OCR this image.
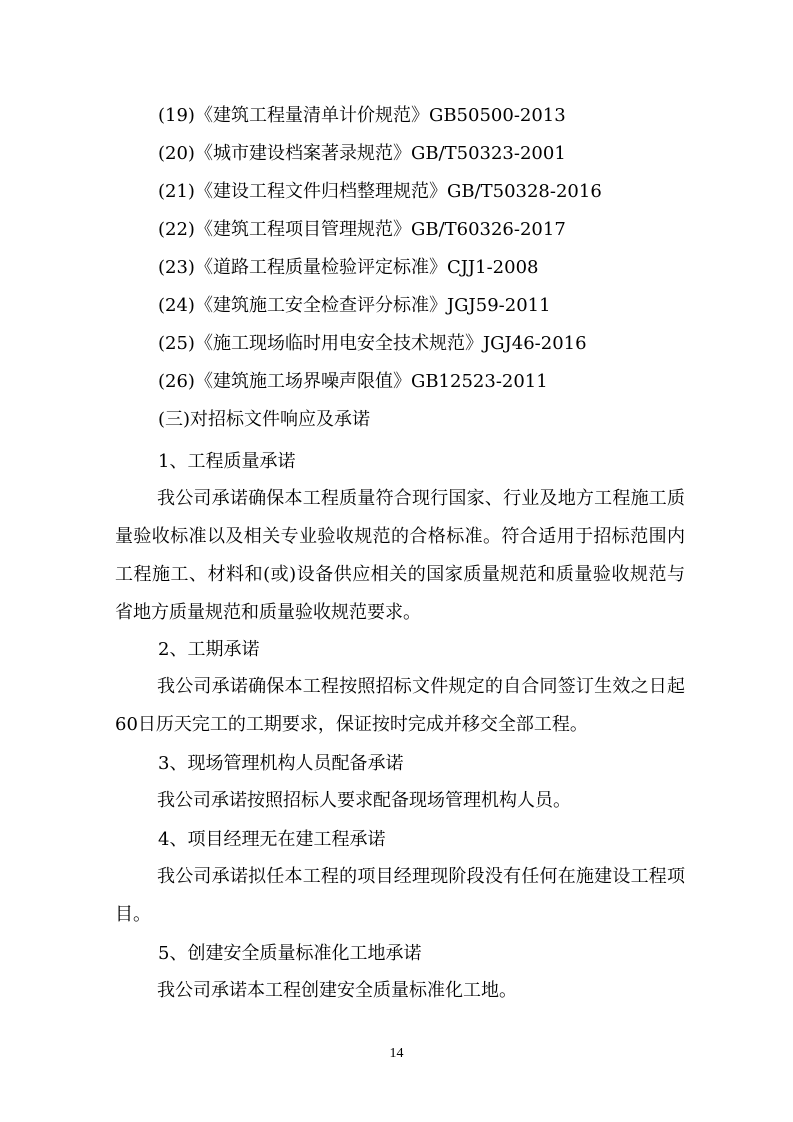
(19)《建筑工程量清单计价规范》GB50500-2013
(20)《城市建设档案著录规范》GB/T50323-2001
(21)《建设工程文件归档整理规范》GB/T50328-2016
(22)《建筑工程项目管理规范》GB/T60326-2017
(23)《道路工程质量检验评定标准》CJJ1-2008
(24)《建筑施工安全检查评分标准》JGJ59-2011
(25)《施工现场临时用电安全技术规范》JGJ46-2016
(26)《建筑施工场界噪声限值》GB12523-2011
(三)对招标文件响应及承诺
1、工程质量承诺
我公司承诺确保本工程质量符合现行国家、行业及地方工程施工质量验收标准以及相关专业验收规范的合格标准。符合适用于招标范围内工程施工、材料和(或)设备供应相关的国家质量规范和质量验收规范与省地方质量规范和质量验收规范要求。
2、工期承诺
我公司承诺确保本工程按照招标文件规定的自合同签订生效之日起60日历天完工的工期要求，保证按时完成并移交全部工程。
3、现场管理机构人员配备承诺
我公司承诺按照招标人要求配备现场管理机构人员。
4、项目经理无在建工程承诺
我公司承诺拟任本工程的项目经理现阶段没有任何在施建设工程项目。
5、创建安全质量标准化工地承诺
我公司承诺本工程创建安全质量标准化工地。
14
